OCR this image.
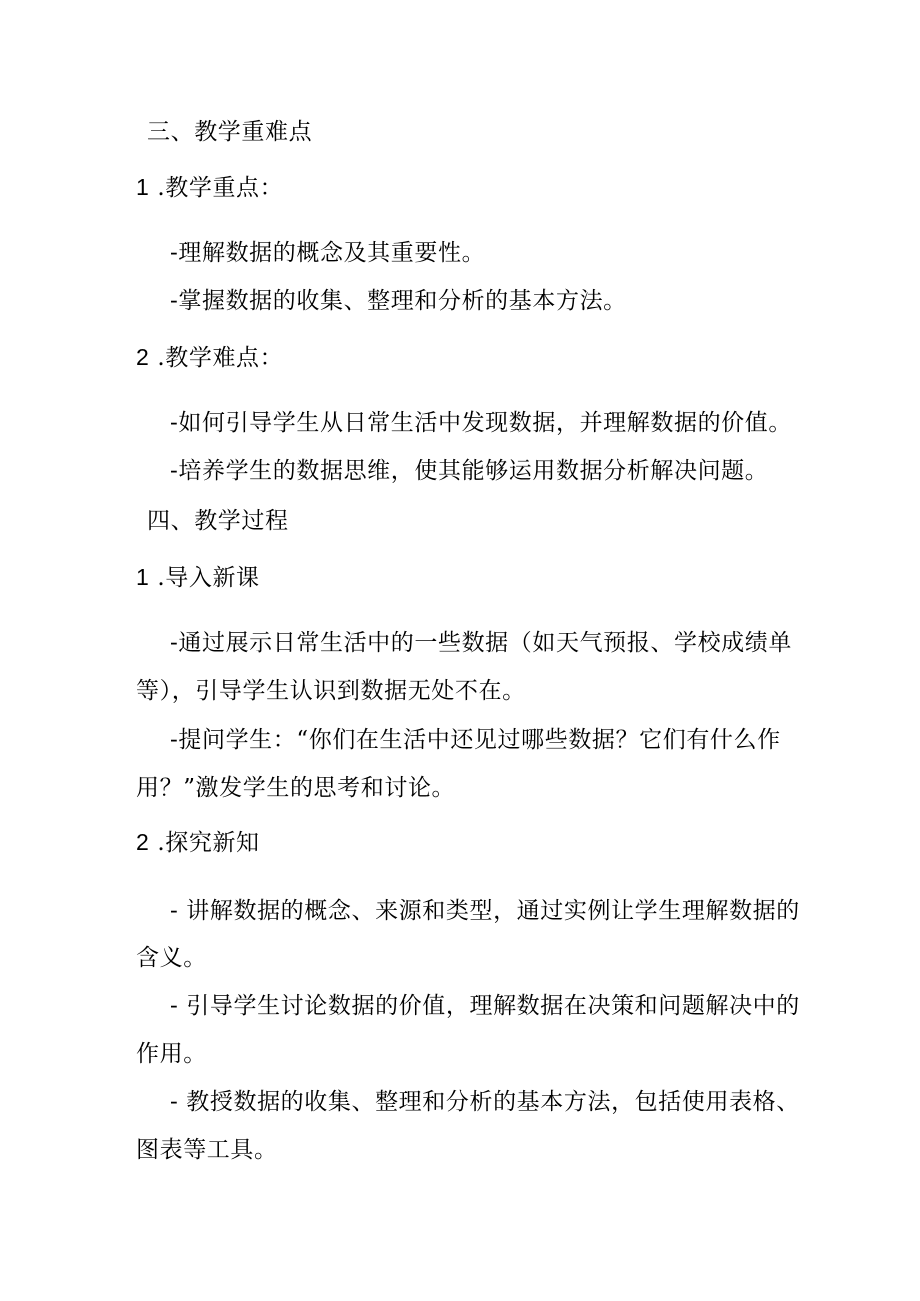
三、教学重难点
1 .教学重点：
-理解数据的概念及其重要性。
-掌握数据的收集、整理和分析的基本方法。
2 .教学难点：
-如何引导学生从日常生活中发现数据，并理解数据的价值。
-培养学生的数据思维，使其能够运用数据分析解决问题。
四、教学过程
1 .导入新课
-通过展示日常生活中的一些数据（如天气预报、学校成绩单
等），引导学生认识到数据无处不在。
-提问学生：“你们在生活中还见过哪些数据？它们有什么作
用？”激发学生的思考和讨论。
2 .探究新知
- 讲解数据的概念、来源和类型，通过实例让学生理解数据的
含义。
- 引导学生讨论数据的价值，理解数据在决策和问题解决中的
作用。
- 教授数据的收集、整理和分析的基本方法，包括使用表格、
图表等工具。
